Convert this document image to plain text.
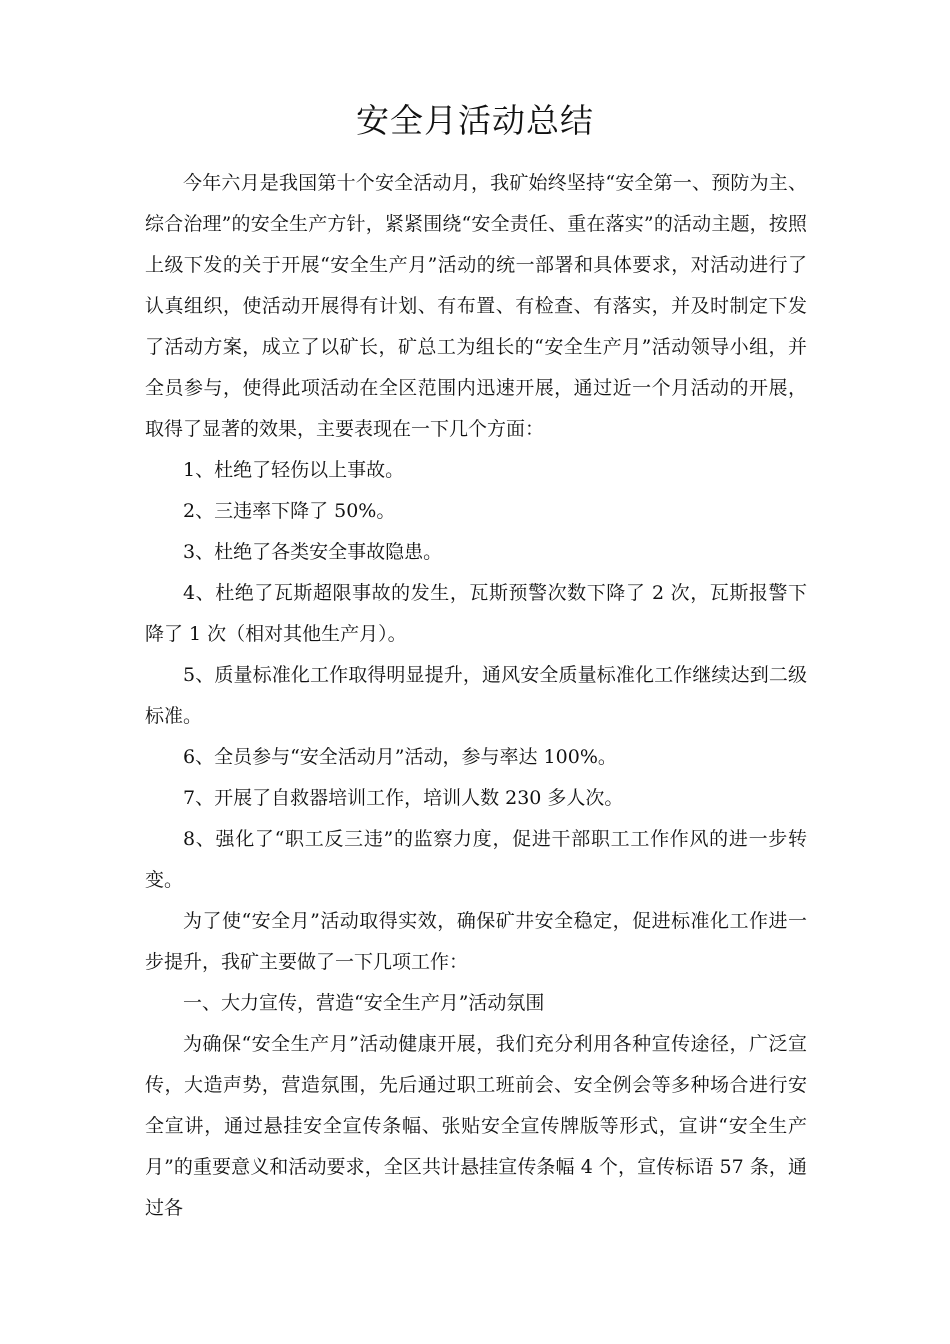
安全月活动总结

今年六月是我国第十个安全活动月，我矿始终坚持“安全第一、预防为主、综合治理”的安全生产方针，紧紧围绕“安全责任、重在落实”的活动主题，按照上级下发的关于开展“安全生产月”活动的统一部署和具体要求，对活动进行了认真组织，使活动开展得有计划、有布置、有检查、有落实，并及时制定下发了活动方案，成立了以矿长，矿总工为组长的“安全生产月”活动领导小组，并全员参与，使得此项活动在全区范围内迅速开展，通过近一个月活动的开展，取得了显著的效果，主要表现在一下几个方面：

1、杜绝了轻伤以上事故。

2、三违率下降了 50%。

3、杜绝了各类安全事故隐患。

4、杜绝了瓦斯超限事故的发生，瓦斯预警次数下降了 2 次，瓦斯报警下降了 1 次（相对其他生产月）。

5、质量标准化工作取得明显提升，通风安全质量标准化工作继续达到二级标准。

6、全员参与“安全活动月”活动，参与率达 100%。

7、开展了自救器培训工作，培训人数 230 多人次。

8、强化了“职工反三违”的监察力度，促进干部职工工作作风的进一步转变。

为了使“安全月”活动取得实效，确保矿井安全稳定，促进标准化工作进一步提升，我矿主要做了一下几项工作：

一、大力宣传，营造“安全生产月”活动氛围

为确保“安全生产月”活动健康开展，我们充分利用各种宣传途径，广泛宣传，大造声势，营造氛围，先后通过职工班前会、安全例会等多种场合进行安全宣讲，通过悬挂安全宣传条幅、张贴安全宣传牌版等形式，宣讲“安全生产月”的重要意义和活动要求，全区共计悬挂宣传条幅 4 个，宣传标语 57 条，通过各
